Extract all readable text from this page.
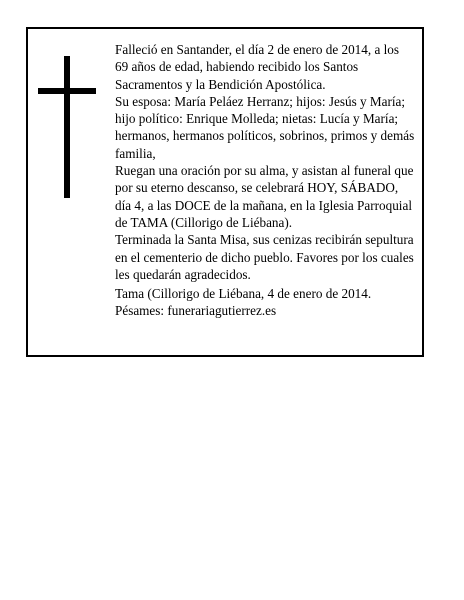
Falleció en Santander, el día 2 de enero de 2014, a los 69 años de edad, habiendo recibido los Santos Sacramentos y la Bendición Apostólica.

Su esposa: María Peláez Herranz; hijos: Jesús y María; hijo político: Enrique Molleda; nietas: Lucía y María; hermanos, hermanos políticos, sobrinos, primos y demás familia,

Ruegan una oración por su alma, y asistan al funeral que por su eterno descanso, se celebrará HOY, SÁBADO, día 4, a las DOCE de la mañana, en la Iglesia Parroquial de TAMA (Cillorigo de Liébana).

Terminada la Santa Misa, sus cenizas recibirán sepultura en el cementerio de dicho pueblo. Favores por los cuales les quedarán agradecidos.

Tama (Cillorigo de Liébana, 4 de enero de 2014.

Pésames: funerariagutierrez.es
